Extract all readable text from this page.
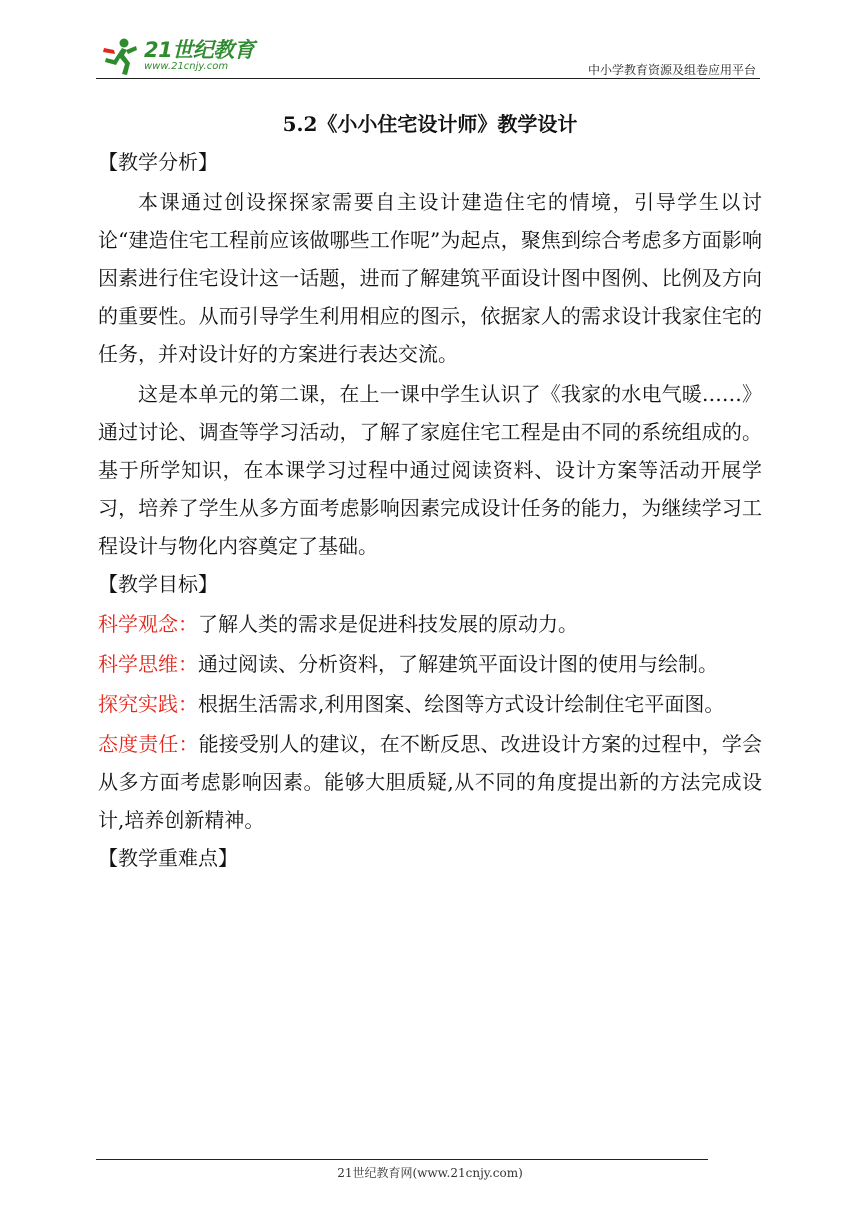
21世纪教育
www.21cnjy.com	中小学教育资源及组卷应用平台
5.2《小小住宅设计师》教学设计
【教学分析】
本课通过创设探探家需要自主设计建造住宅的情境，引导学生以讨论“建造住宅工程前应该做哪些工作呢”为起点，聚焦到综合考虑多方面影响因素进行住宅设计这一话题，进而了解建筑平面设计图中图例、比例及方向的重要性。从而引导学生利用相应的图示，依据家人的需求设计我家住宅的任务，并对设计好的方案进行表达交流。
这是本单元的第二课，在上一课中学生认识了《我家的水电气暖……》通过讨论、调查等学习活动，了解了家庭住宅工程是由不同的系统组成的。基于所学知识，在本课学习过程中通过阅读资料、设计方案等活动开展学习，培养了学生从多方面考虑影响因素完成设计任务的能力，为继续学习工程设计与物化内容奠定了基础。
【教学目标】
科学观念：了解人类的需求是促进科技发展的原动力。
科学思维：通过阅读、分析资料，了解建筑平面设计图的使用与绘制。
探究实践：根据生活需求,利用图案、绘图等方式设计绘制住宅平面图。
态度责任：能接受别人的建议，在不断反思、改进设计方案的过程中，学会从多方面考虑影响因素。能够大胆质疑,从不同的角度提出新的方法完成设计,培养创新精神。
【教学重难点】
21世纪教育网(www.21cnjy.com)
